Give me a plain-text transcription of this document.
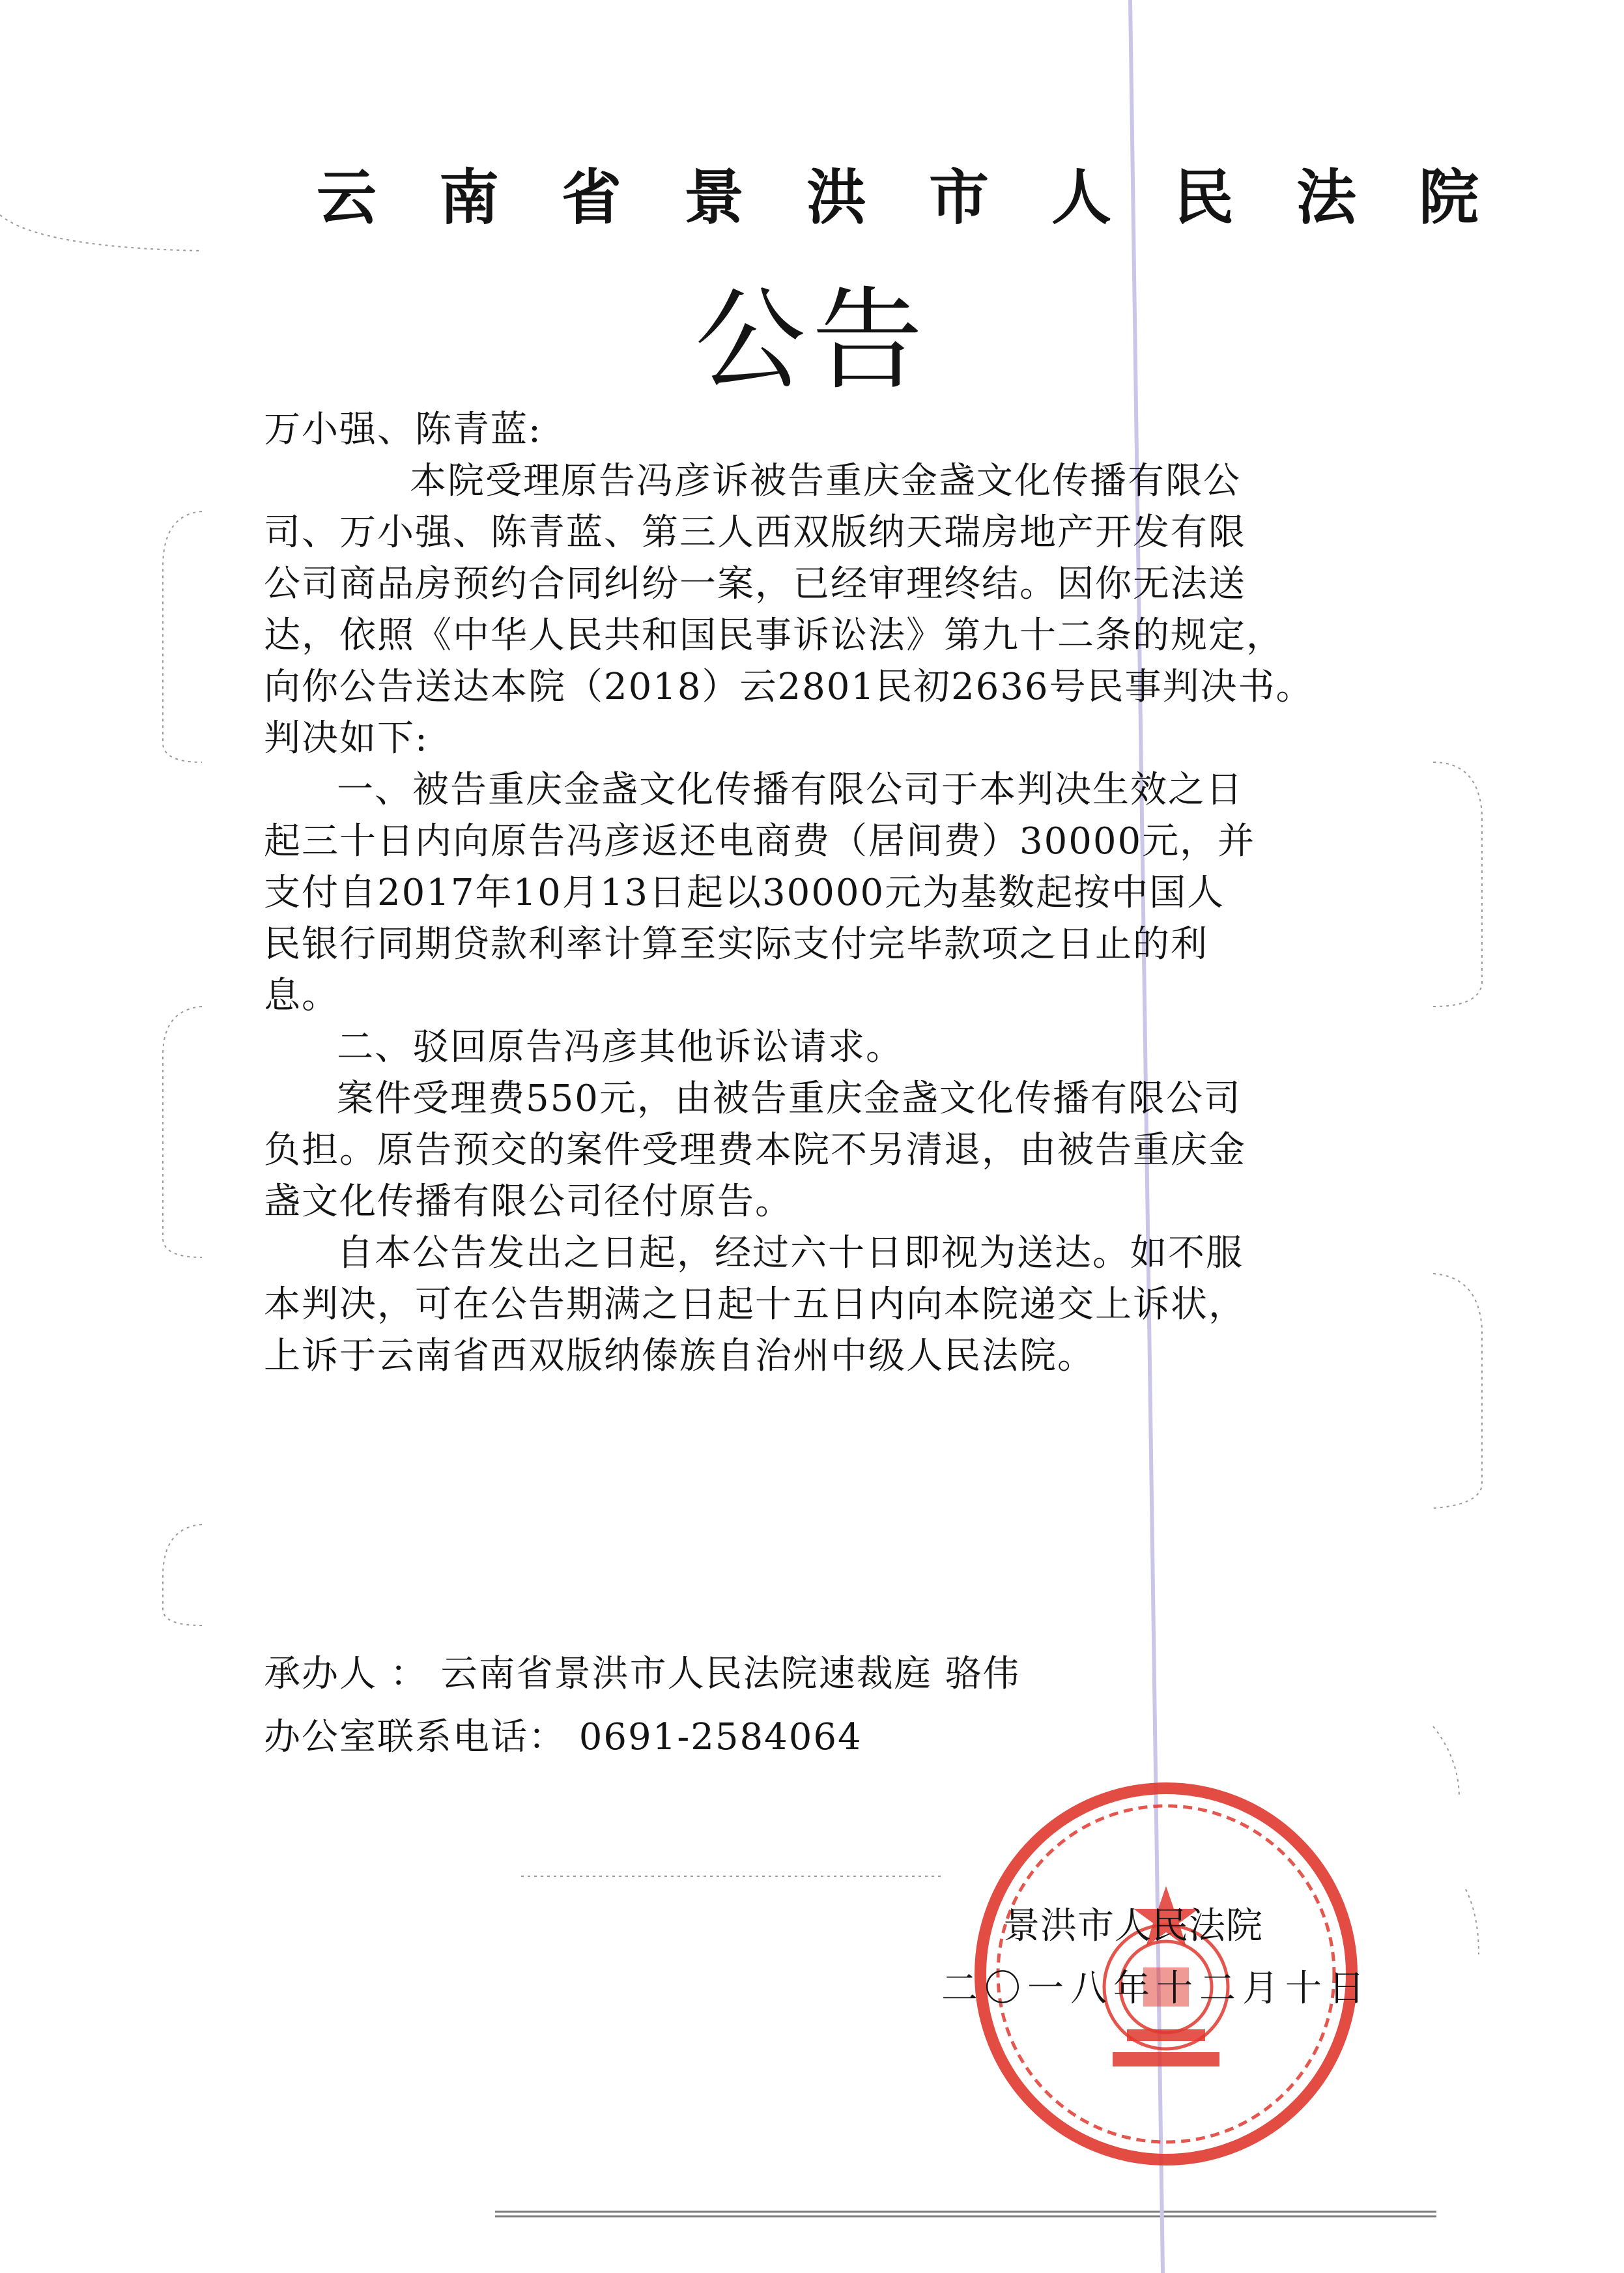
云南省景洪市人民法院
公告
万小强、陈青蓝:
本院受理原告冯彦诉被告重庆金盏文化传播有限公
司、万小强、陈青蓝、第三人西双版纳天瑞房地产开发有限
公司商品房预约合同纠纷一案，已经审理终结。因你无法送
达，依照《中华人民共和国民事诉讼法》第九十二条的规定，
向你公告送达本院（2018）云2801民初2636号民事判决书。
判决如下:
一、被告重庆金盏文化传播有限公司于本判决生效之日
起三十日内向原告冯彦返还电商费（居间费）30000元，并
支付自2017年10月13日起以30000元为基数起按中国人
民银行同期贷款利率计算至实际支付完毕款项之日止的利
息。
二、驳回原告冯彦其他诉讼请求。
案件受理费550元，由被告重庆金盏文化传播有限公司
负担。原告预交的案件受理费本院不另清退，由被告重庆金
盏文化传播有限公司径付原告。
自本公告发出之日起，经过六十日即视为送达。如不服
本判决，可在公告期满之日起十五日内向本院递交上诉状，
上诉于云南省西双版纳傣族自治州中级人民法院。
承办人 ： 云南省景洪市人民法院速裁庭 骆伟
办公室联系电话： 0691-2584064
景洪市人民法院
二〇一八年十二月十日
